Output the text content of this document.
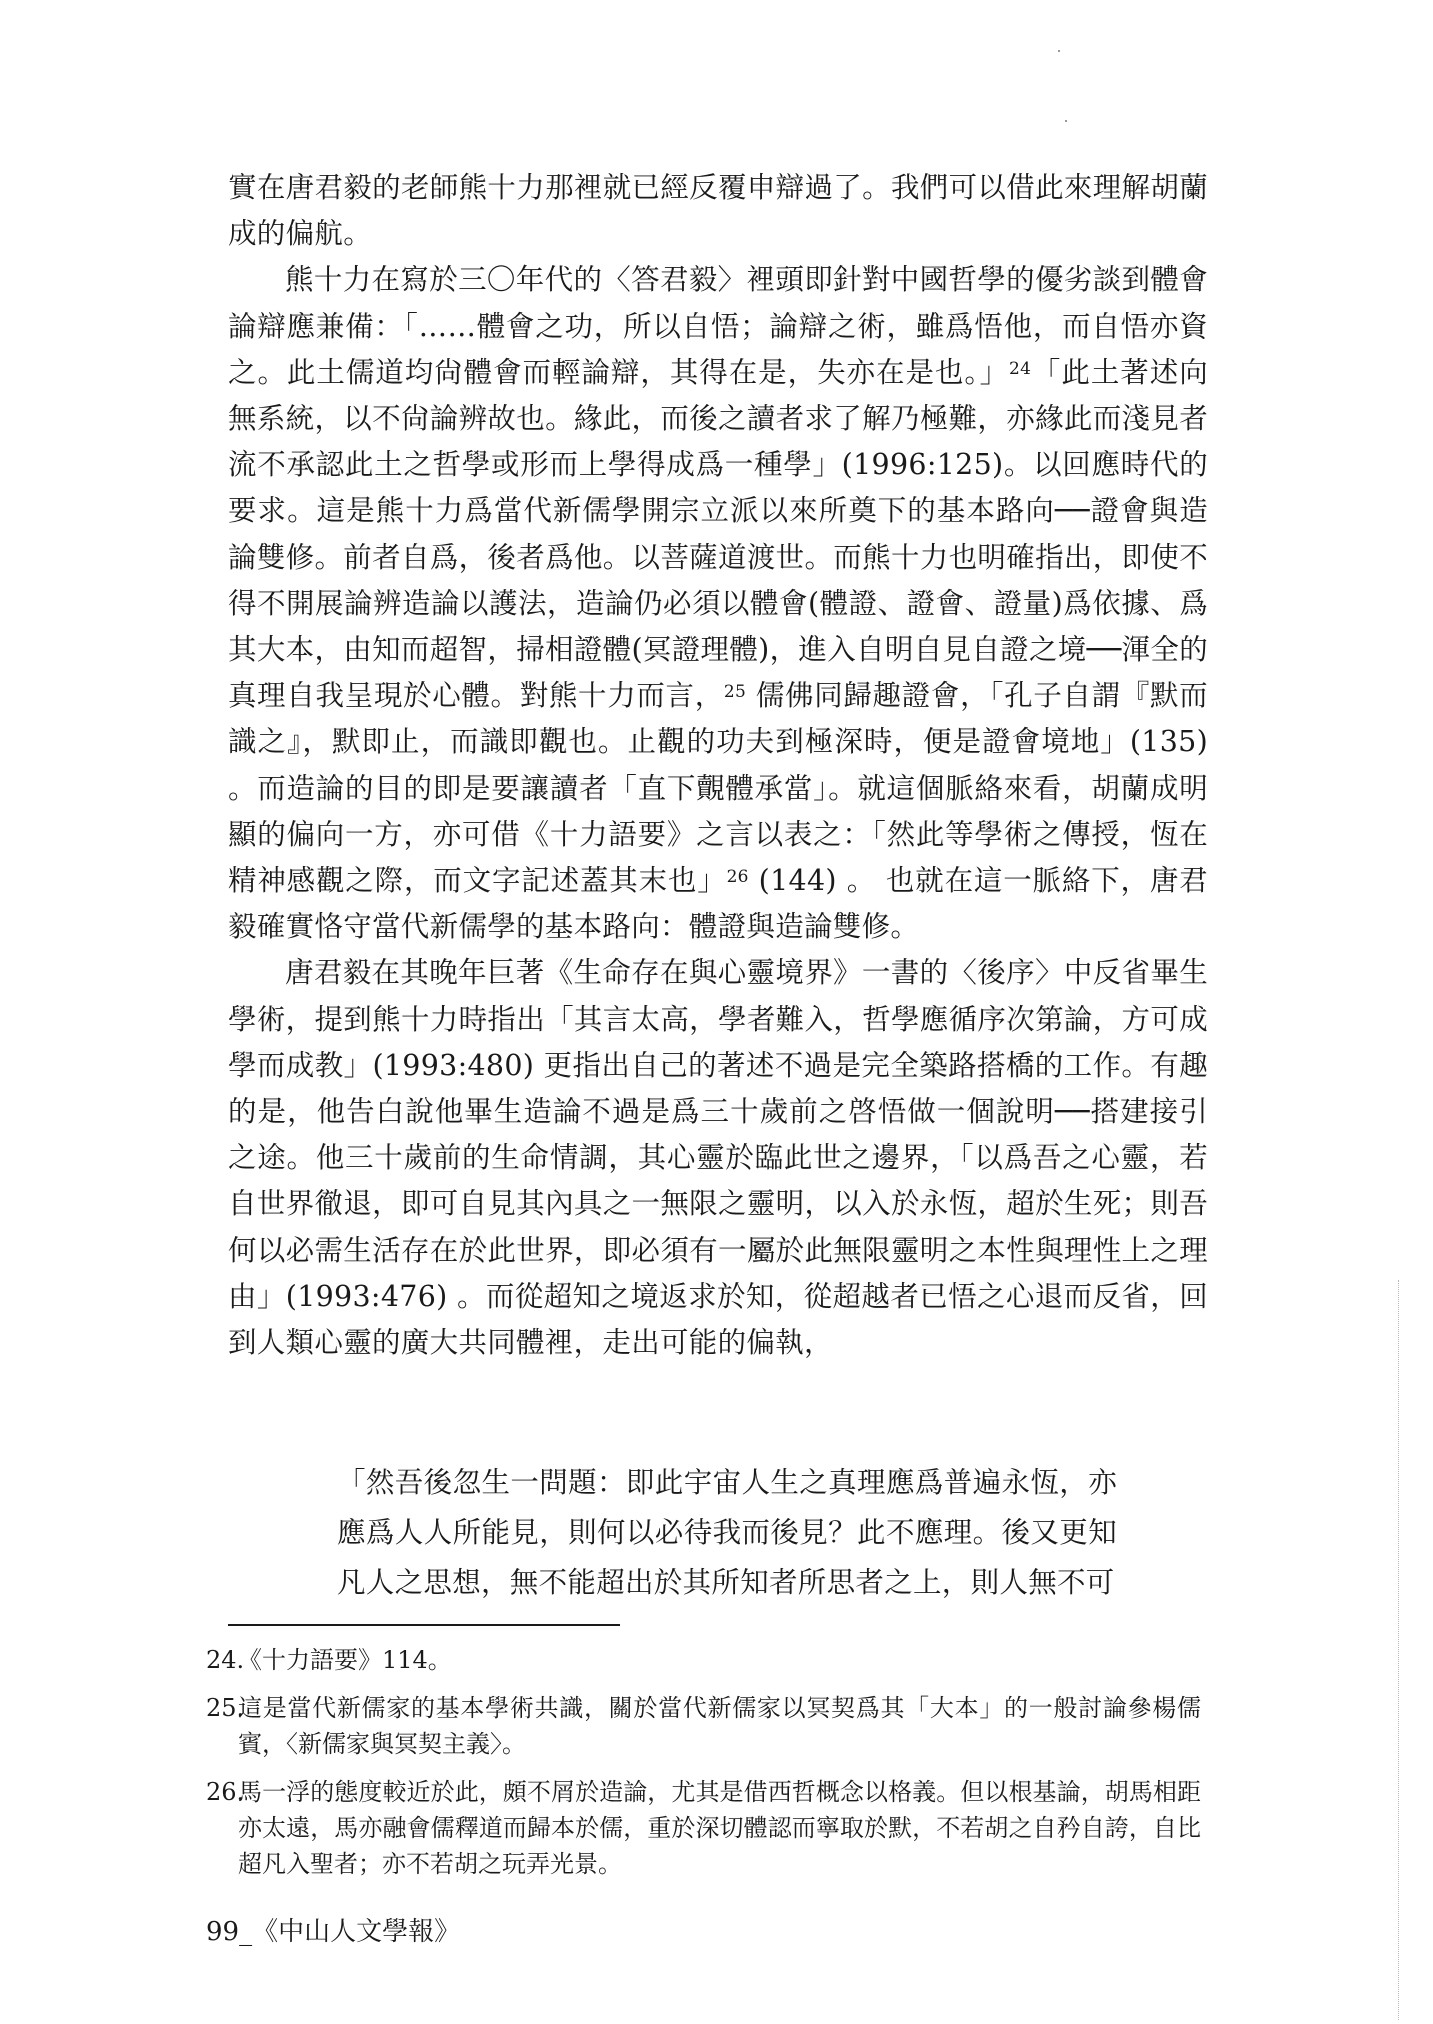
實在唐君毅的老師熊十力那裡就已經反覆申辯過了。我們可以借此來理解胡蘭成的偏航。

熊十力在寫於三〇年代的〈答君毅〉裡頭即針對中國哲學的優劣談到體會論辯應兼備：「……體會之功，所以自悟；論辯之術，雖爲悟他，而自悟亦資之。此土儒道均尙體會而輕論辯，其得在是，失亦在是也。」$^{24}$「此土著述向無系統，以不尙論辨故也。緣此，而後之讀者求了解乃極難，亦緣此而淺見者流不承認此土之哲學或形而上學得成爲一種學」(1996:125)。以回應時代的要求。這是熊十力爲當代新儒學開宗立派以來所奠下的基本路向──證會與造論雙修。前者自爲，後者爲他。以菩薩道渡世。而熊十力也明確指出，即使不得不開展論辨造論以護法，造論仍必須以體會(體證、證會、證量)爲依據、爲其大本，由知而超智，掃相證體(冥證理體)，進入自明自見自證之境──渾全的真理自我呈現於心體。對熊十力而言，$^{25}$ 儒佛同歸趣證會，「孔子自謂『默而識之』，默即止，而識即觀也。止觀的功夫到極深時，便是證會境地」(135) 。而造論的目的即是要讓讀者「直下覿體承當」。就這個脈絡來看，胡蘭成明顯的偏向一方，亦可借《十力語要》之言以表之：「然此等學術之傳授，恆在精神感觀之際，而文字記述蓋其末也」$^{26}$ (144) 。 也就在這一脈絡下，唐君毅確實恪守當代新儒學的基本路向：體證與造論雙修。

唐君毅在其晚年巨著《生命存在與心靈境界》一書的〈後序〉中反省畢生學術，提到熊十力時指出「其言太高，學者難入，哲學應循序次第論，方可成學而成教」(1993:480) 更指出自己的著述不過是完全築路搭橋的工作。有趣的是，他告白說他畢生造論不過是爲三十歲前之啓悟做一個說明──搭建接引之途。他三十歲前的生命情調，其心靈於臨此世之邊界，「以爲吾之心靈，若自世界徹退，即可自見其內具之一無限之靈明，以入於永恆，超於生死；則吾何以必需生活存在於此世界，即必須有一屬於此無限靈明之本性與理性上之理由」(1993:476) 。而從超知之境返求於知，從超越者已悟之心退而反省，回到人類心靈的廣大共同體裡，走出可能的偏執，

「然吾後忽生一問題：即此宇宙人生之真理應爲普遍永恆，亦應爲人人所能見，則何以必待我而後見？此不應理。後又更知凡人之思想，無不能超出於其所知者所思者之上，則人無不可

24.
《十力語要》114。
25.
這是當代新儒家的基本學術共識，關於當代新儒家以冥契爲其「大本」的一般討論參楊儒賓，〈新儒家與冥契主義〉。
26.
馬一浮的態度較近於此，頗不屑於造論，尤其是借西哲概念以格義。但以根基論，胡馬相距亦太遠，馬亦融會儒釋道而歸本於儒，重於深切體認而寧取於默，不若胡之自矜自誇，自比超凡入聖者；亦不若胡之玩弄光景。
99_《中山人文學報》
